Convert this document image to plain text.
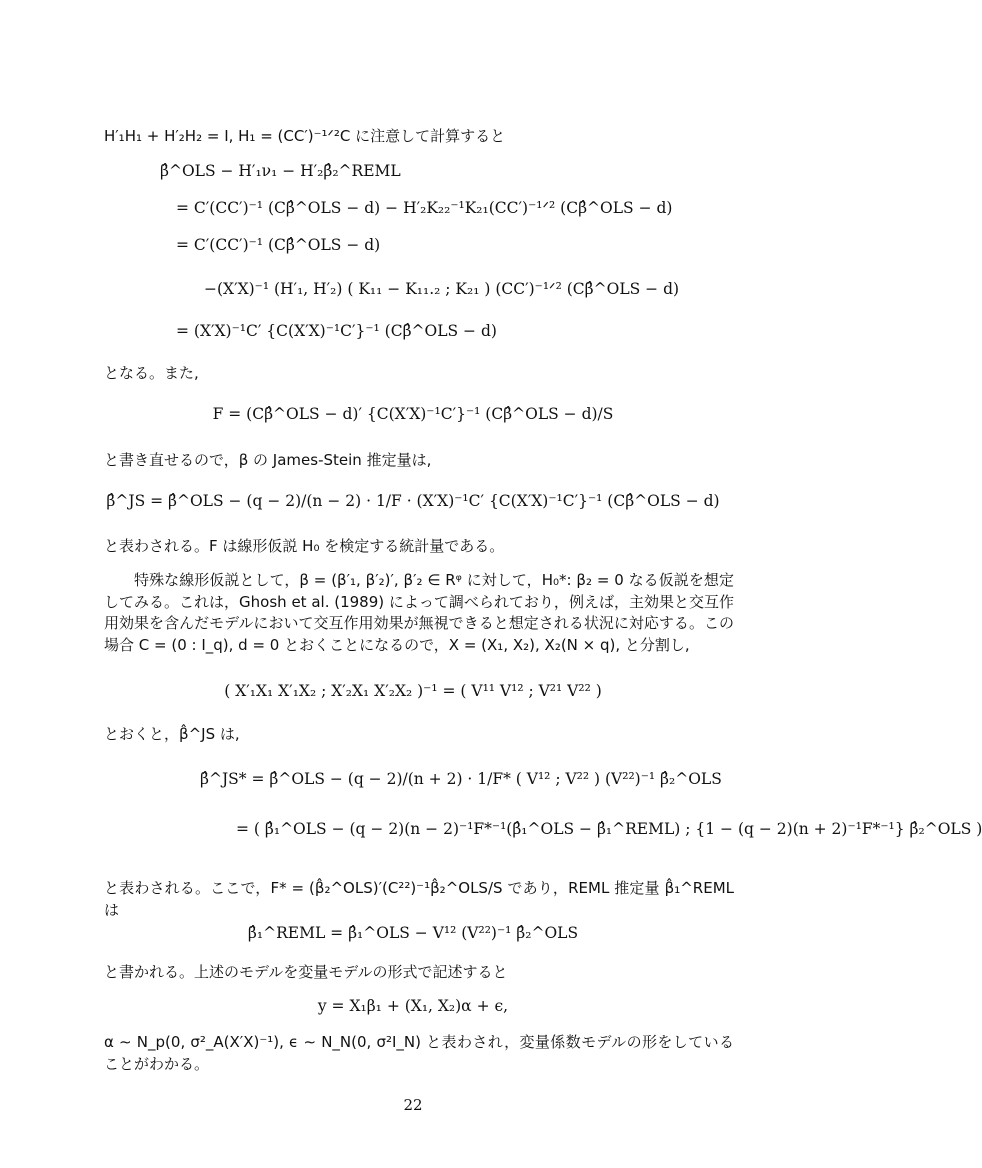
H′₁H₁ + H′₂H₂ = I, H₁ = (CC′)⁻¹ᐟ²C に注意して計算すると
β̂^OLS − H′₁ν₁ − H′₂β̂₂^REML
= C′(CC′)⁻¹ (Cβ̂^OLS − d) − H′₂K₂₂⁻¹K₂₁(CC′)⁻¹ᐟ² (Cβ̂^OLS − d)
= C′(CC′)⁻¹ (Cβ̂^OLS − d)
−(X′X)⁻¹ (H′₁, H′₂) ( K₁₁ − K₁₁.₂ ; K₂₁ ) (CC′)⁻¹ᐟ² (Cβ̂^OLS − d)
= (X′X)⁻¹C′ {C(X′X)⁻¹C′}⁻¹ (Cβ̂^OLS − d)
となる。また,
F = (Cβ̂^OLS − d)′ {C(X′X)⁻¹C′}⁻¹ (Cβ̂^OLS − d)/S
と書き直せるので，β の James-Stein 推定量は,
β̂^JS = β̂^OLS − (q − 2)/(n − 2) · 1/F · (X′X)⁻¹C′ {C(X′X)⁻¹C′}⁻¹ (Cβ̂^OLS − d)
と表わされる。F は線形仮説 H₀ を検定する統計量である。
特殊な線形仮説として，β = (β′₁, β′₂)′, β′₂ ∈ Rᵠ に対して，H₀*: β₂ = 0 なる仮説を想定してみる。これは，Ghosh et al. (1989) によって調べられており，例えば，主効果と交互作用効果を含んだモデルにおいて交互作用効果が無視できると想定される状況に対応する。この場合 C = (0 : I_q), d = 0 とおくことになるので，X = (X₁, X₂), X₂(N × q), と分割し,
( X′₁X₁ X′₁X₂ ; X′₂X₁ X′₂X₂ )⁻¹ = ( V¹¹ V¹² ; V²¹ V²² )
とおくと，β̂^JS は,
β̂^JS* = β̂^OLS − (q − 2)/(n + 2) · 1/F* ( V¹² ; V²² ) (V²²)⁻¹ β̂₂^OLS
= ( β̂₁^OLS − (q − 2)(n − 2)⁻¹F*⁻¹(β̂₁^OLS − β̂₁^REML) ; {1 − (q − 2)(n + 2)⁻¹F*⁻¹} β̂₂^OLS )
と表わされる。ここで，F* = (β̂₂^OLS)′(C²²)⁻¹β̂₂^OLS/S であり，REML 推定量 β̂₁^REML は
β̂₁^REML = β̂₁^OLS − V¹² (V²²)⁻¹ β̂₂^OLS
と書かれる。上述のモデルを変量モデルの形式で記述すると
y = X₁β₁ + (X₁, X₂)α + ϵ,
α ∼ N_p(0, σ²_A(X′X)⁻¹), ϵ ∼ N_N(0, σ²I_N) と表わされ，変量係数モデルの形をしていることがわかる。
22
